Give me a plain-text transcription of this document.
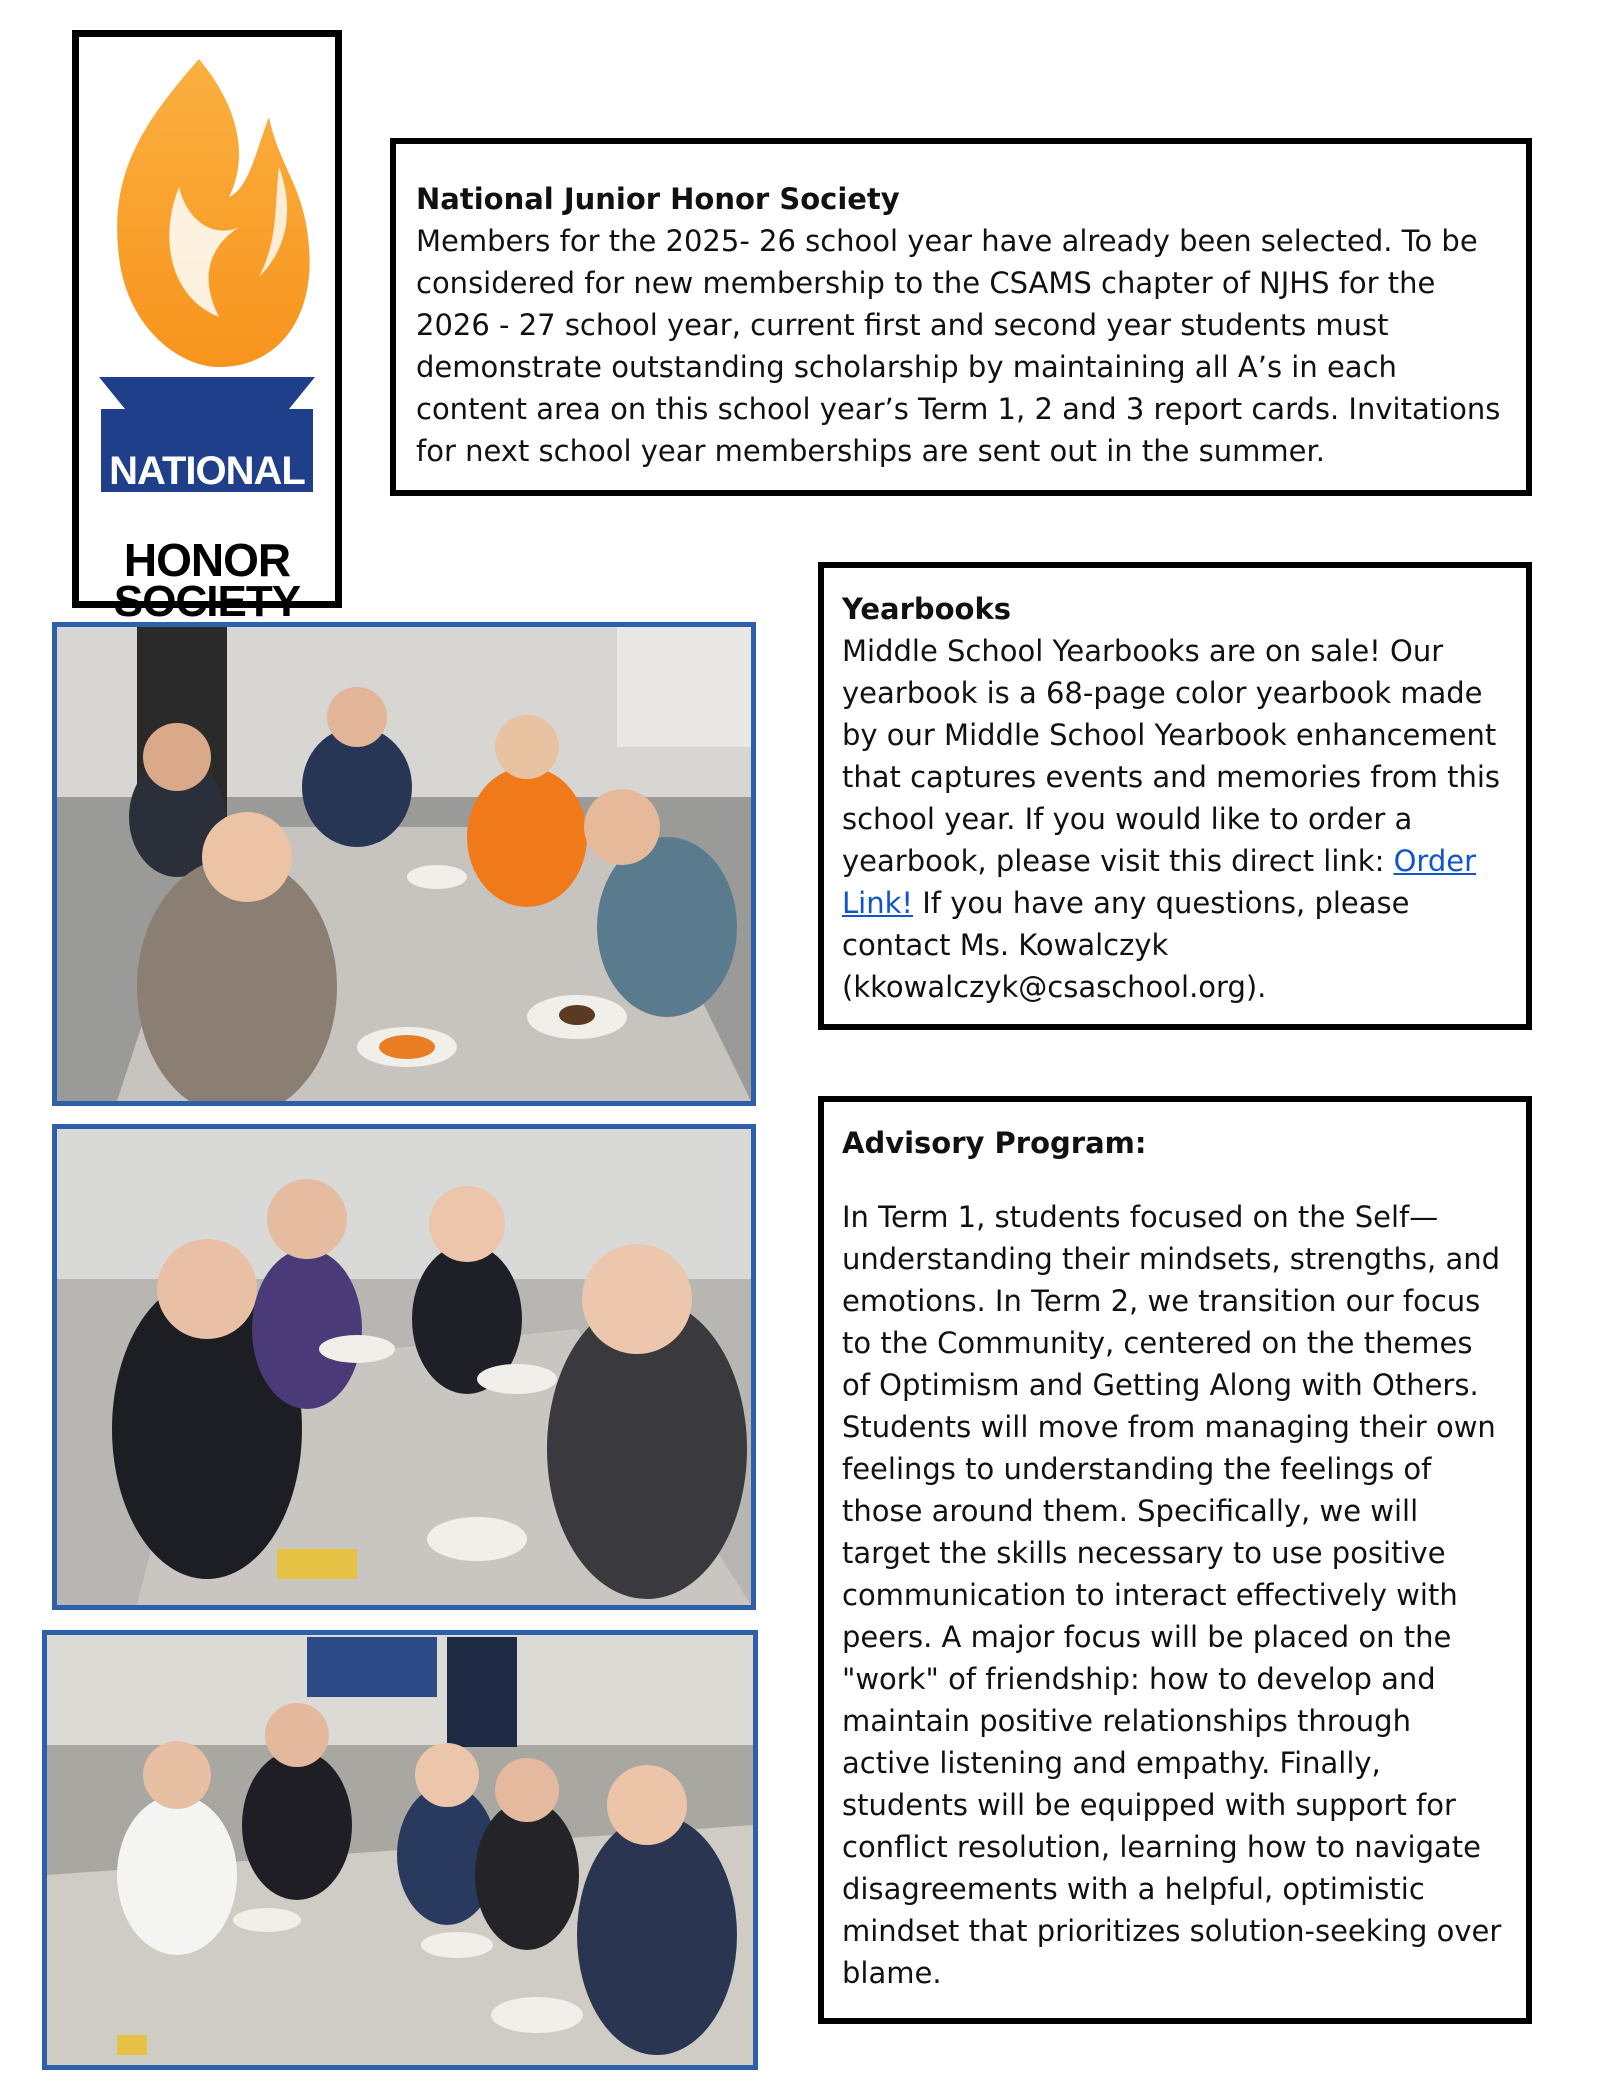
NATIONAL
JUNIOR
HONOR
SOCIETY
National Junior Honor Society

Members for the 2025- 26 school year have already been selected. To be considered for new membership to the CSAMS chapter of NJHS for the 2026 - 27 school year, current first and second year students must demonstrate outstanding scholarship by maintaining all A’s in each content area on this school year’s Term 1, 2 and 3 report cards. Invitations for next school year memberships are sent out in the summer.

Yearbooks

Middle School Yearbooks are on sale! Our yearbook is a 68-page color yearbook made by our Middle School Yearbook enhancement that captures events and memories from this school year. If you would like to order a yearbook, please visit this direct link: Order Link! If you have any questions, please contact Ms. Kowalczyk (kkowalczyk@csaschool.org).

Advisory Program:

In Term 1, students focused on the Self—understanding their mindsets, strengths, and emotions. In Term 2, we transition our focus to the Community, centered on the themes of Optimism and Getting Along with Others. Students will move from managing their own feelings to understanding the feelings of those around them. Specifically, we will target the skills necessary to use positive communication to interact effectively with peers. A major focus will be placed on the "work" of friendship: how to develop and maintain positive relationships through active listening and empathy. Finally, students will be equipped with support for conflict resolution, learning how to navigate disagreements with a helpful, optimistic mindset that prioritizes solution-seeking over blame.
